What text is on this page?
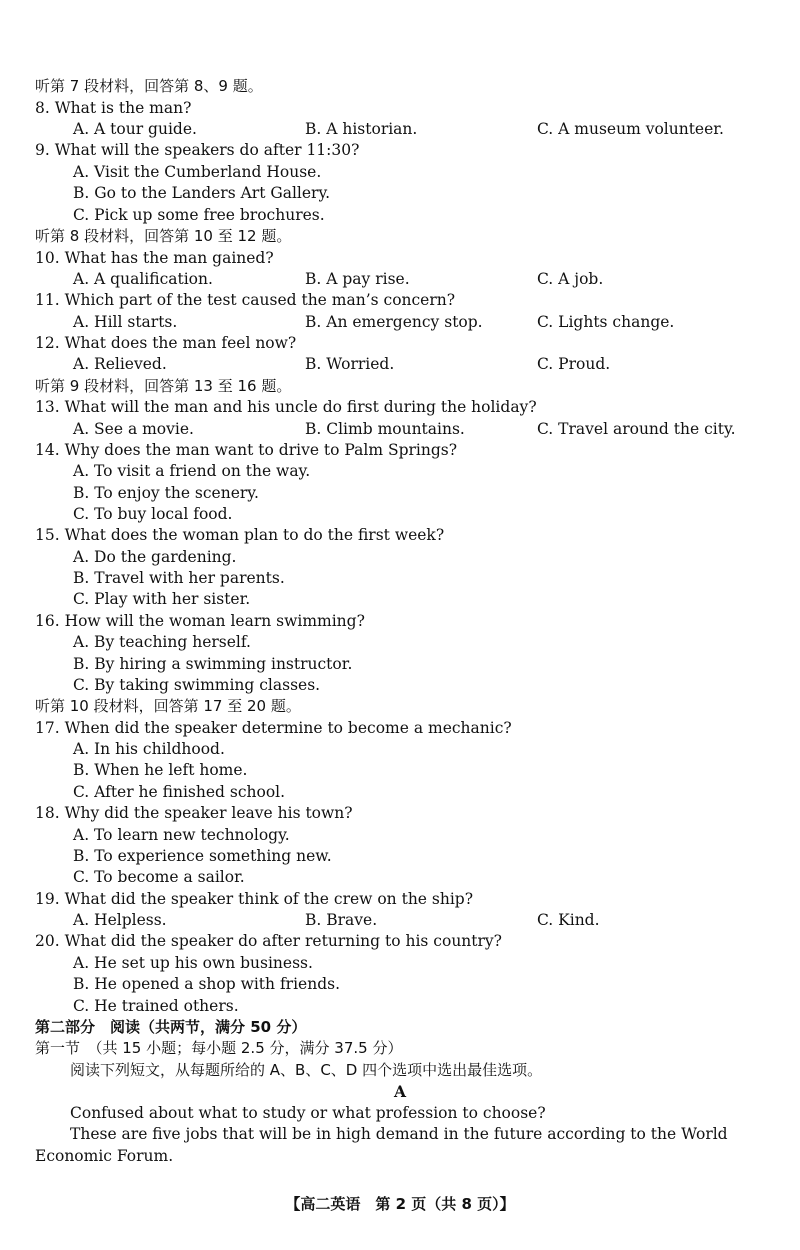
听第 7 段材料，回答第 8、9 题。
8. What is the man?
A. A tour guide.	B. A historian.	C. A museum volunteer.
9. What will the speakers do after 11:30?
A. Visit the Cumberland House.
B. Go to the Landers Art Gallery.
C. Pick up some free brochures.
听第 8 段材料，回答第 10 至 12 题。
10. What has the man gained?
A. A qualification.	B. A pay rise.	C. A job.
11. Which part of the test caused the man’s concern?
A. Hill starts.	B. An emergency stop.	C. Lights change.
12. What does the man feel now?
A. Relieved.	B. Worried.	C. Proud.
听第 9 段材料，回答第 13 至 16 题。
13. What will the man and his uncle do first during the holiday?
A. See a movie.	B. Climb mountains.	C. Travel around the city.
14. Why does the man want to drive to Palm Springs?
A. To visit a friend on the way.
B. To enjoy the scenery.
C. To buy local food.
15. What does the woman plan to do the first week?
A. Do the gardening.
B. Travel with her parents.
C. Play with her sister.
16. How will the woman learn swimming?
A. By teaching herself.
B. By hiring a swimming instructor.
C. By taking swimming classes.
听第 10 段材料，回答第 17 至 20 题。
17. When did the speaker determine to become a mechanic?
A. In his childhood.
B. When he left home.
C. After he finished school.
18. Why did the speaker leave his town?
A. To learn new technology.
B. To experience something new.
C. To become a sailor.
19. What did the speaker think of the crew on the ship?
A. Helpless.	B. Brave.	C. Kind.
20. What did the speaker do after returning to his country?
A. He set up his own business.
B. He opened a shop with friends.
C. He trained others.
第二部分　阅读（共两节，满分 50 分）
第一节　（共 15 小题；每小题 2.5 分，满分 37.5 分）
阅读下列短文，从每题所给的 A、B、C、D 四个选项中选出最佳选项。
A
Confused about what to study or what profession to choose?
These are five jobs that will be in high demand in the future according to the World
Economic Forum.
【高二英语　第 2 页（共 8 页）】
